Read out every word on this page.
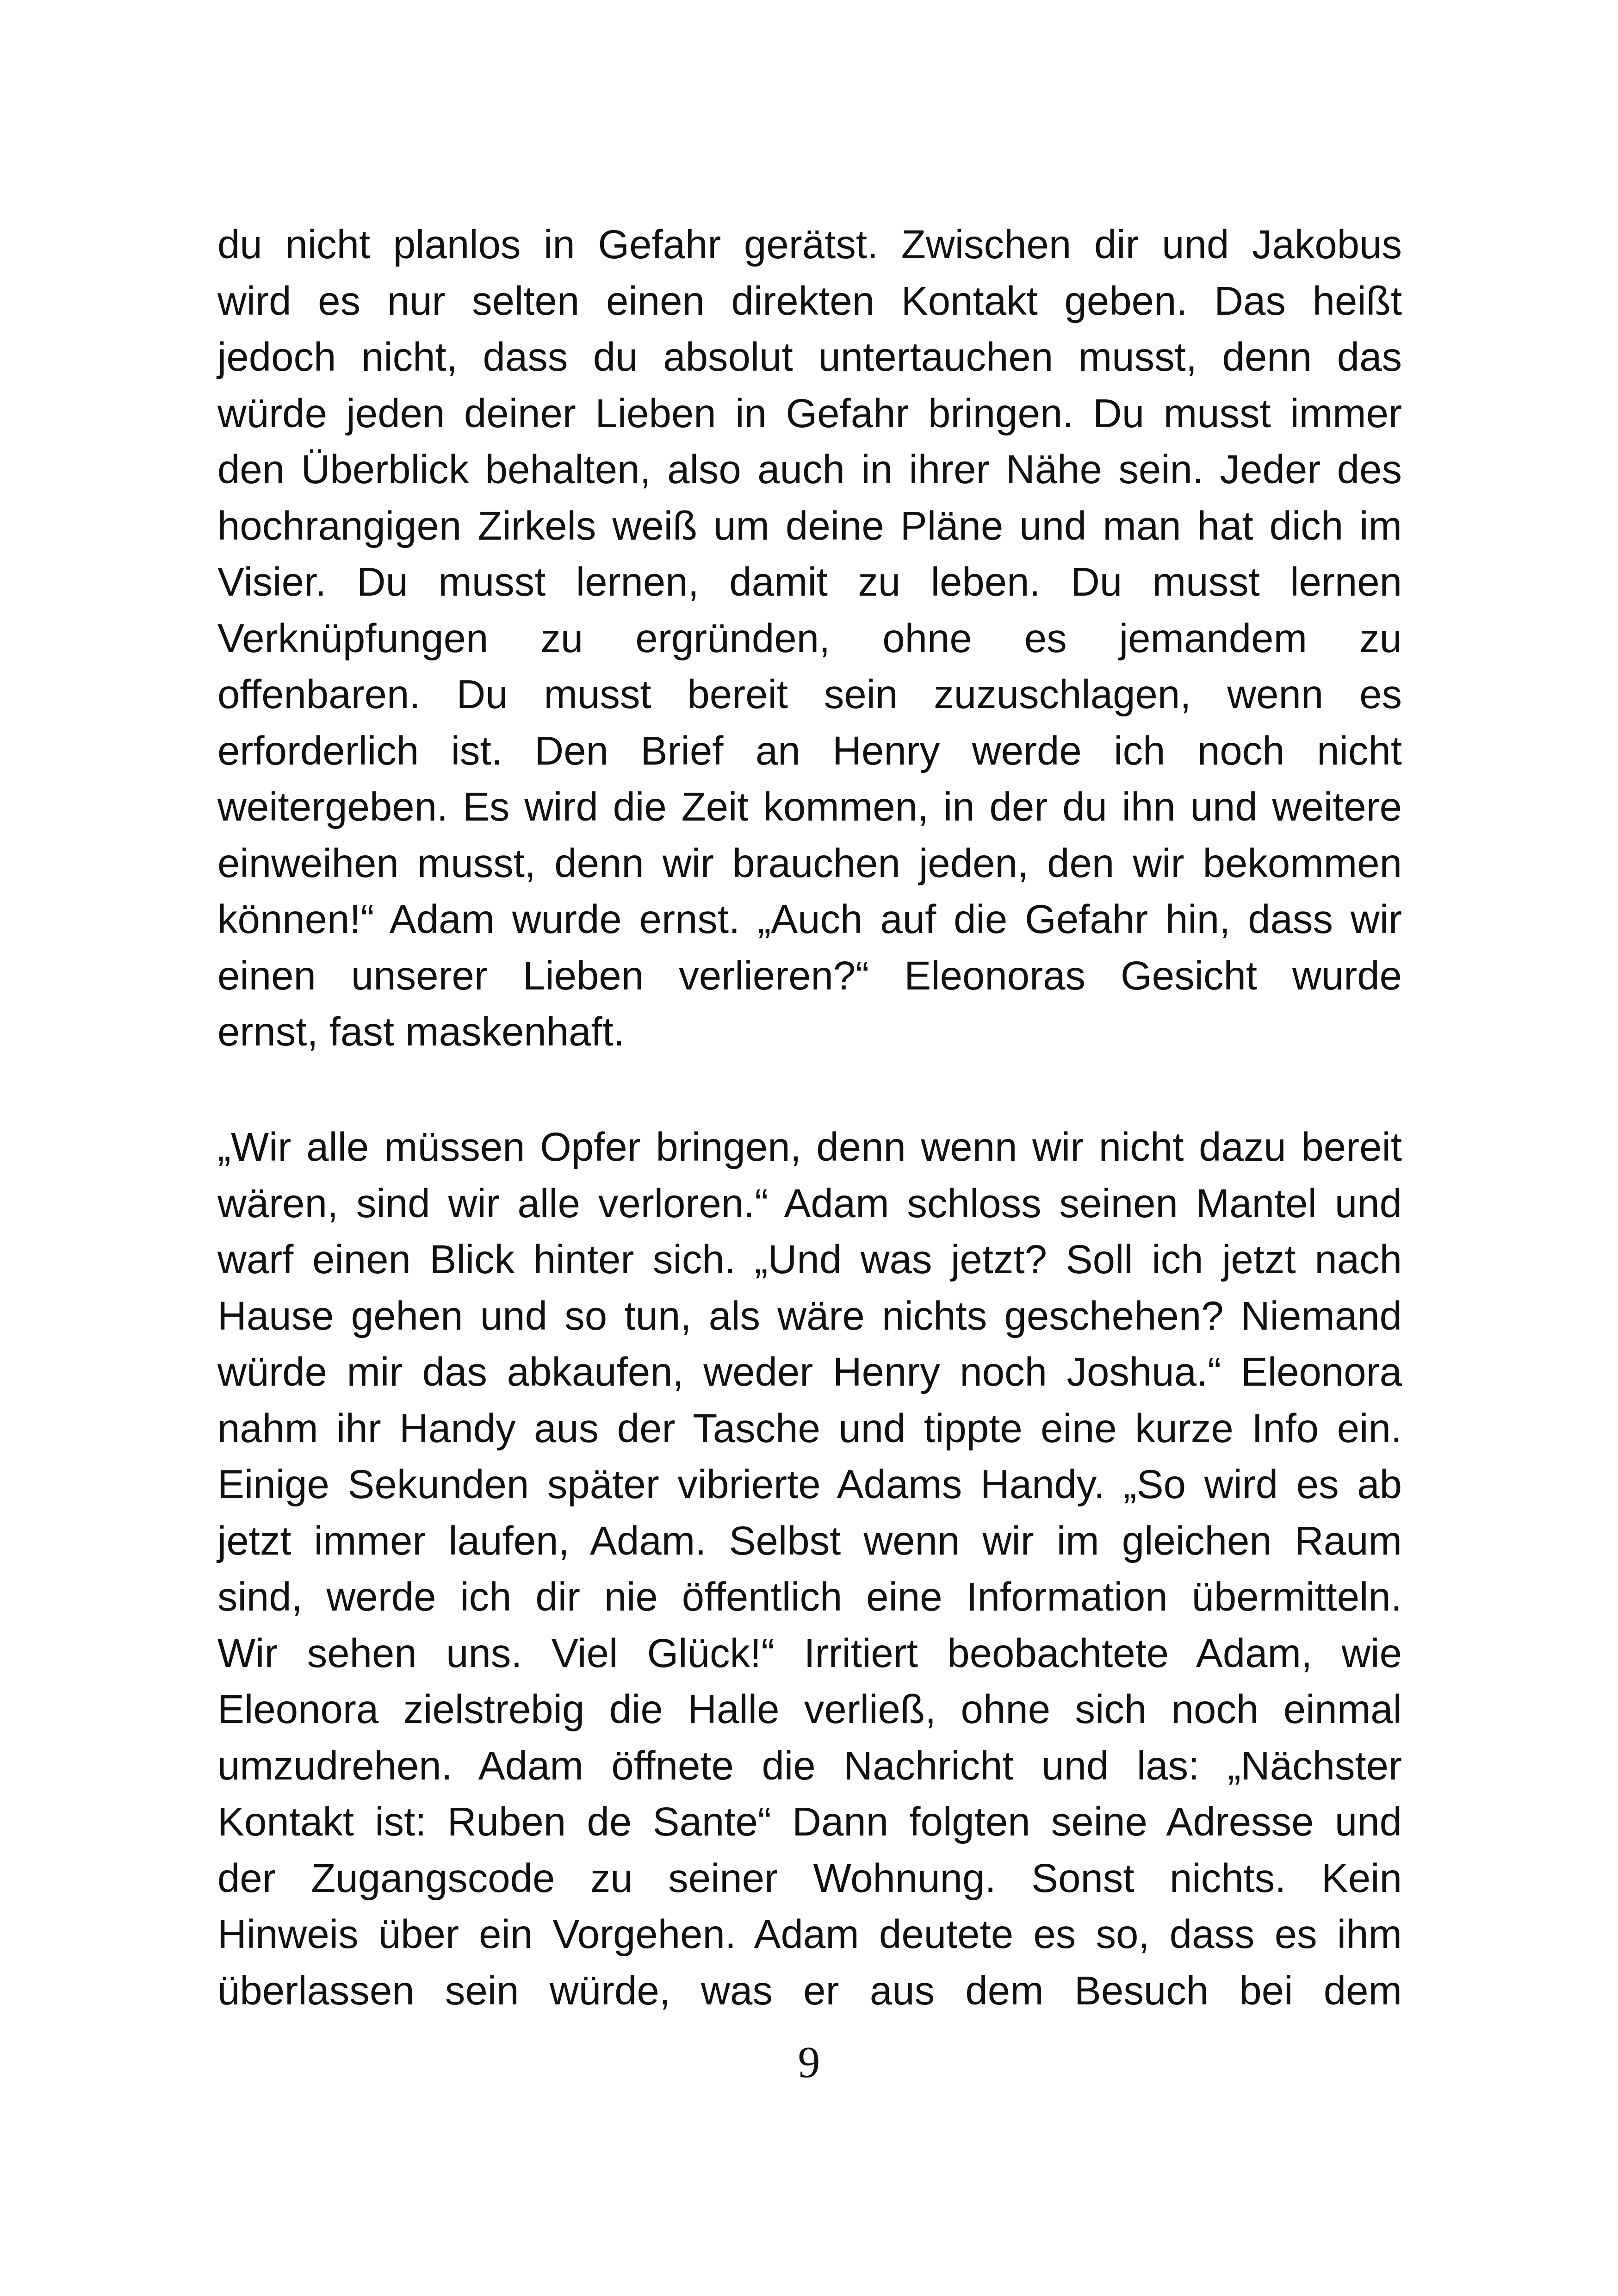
du nicht planlos in Gefahr gerätst. Zwischen dir und Jakobus
wird es nur selten einen direkten Kontakt geben. Das heißt
jedoch nicht, dass du absolut untertauchen musst, denn das
würde jeden deiner Lieben in Gefahr bringen. Du musst immer
den Überblick behalten, also auch in ihrer Nähe sein. Jeder des
hochrangigen Zirkels weiß um deine Pläne und man hat dich im
Visier. Du musst lernen, damit zu leben. Du musst lernen
Verknüpfungen zu ergründen, ohne es jemandem zu
offenbaren. Du musst bereit sein zuzuschlagen, wenn es
erforderlich ist. Den Brief an Henry werde ich noch nicht
weitergeben. Es wird die Zeit kommen, in der du ihn und weitere
einweihen musst, denn wir brauchen jeden, den wir bekommen
können!“ Adam wurde ernst. „Auch auf die Gefahr hin, dass wir
einen unserer Lieben verlieren?“ Eleonoras Gesicht wurde
ernst, fast maskenhaft.
„Wir alle müssen Opfer bringen, denn wenn wir nicht dazu bereit
wären, sind wir alle verloren.“ Adam schloss seinen Mantel und
warf einen Blick hinter sich. „Und was jetzt? Soll ich jetzt nach
Hause gehen und so tun, als wäre nichts geschehen? Niemand
würde mir das abkaufen, weder Henry noch Joshua.“ Eleonora
nahm ihr Handy aus der Tasche und tippte eine kurze Info ein.
Einige Sekunden später vibrierte Adams Handy. „So wird es ab
jetzt immer laufen, Adam. Selbst wenn wir im gleichen Raum
sind, werde ich dir nie öffentlich eine Information übermitteln.
Wir sehen uns. Viel Glück!“ Irritiert beobachtete Adam, wie
Eleonora zielstrebig die Halle verließ, ohne sich noch einmal
umzudrehen. Adam öffnete die Nachricht und las: „Nächster
Kontakt ist: Ruben de Sante“ Dann folgten seine Adresse und
der Zugangscode zu seiner Wohnung. Sonst nichts. Kein
Hinweis über ein Vorgehen. Adam deutete es so, dass es ihm
überlassen sein würde, was er aus dem Besuch bei dem
9
